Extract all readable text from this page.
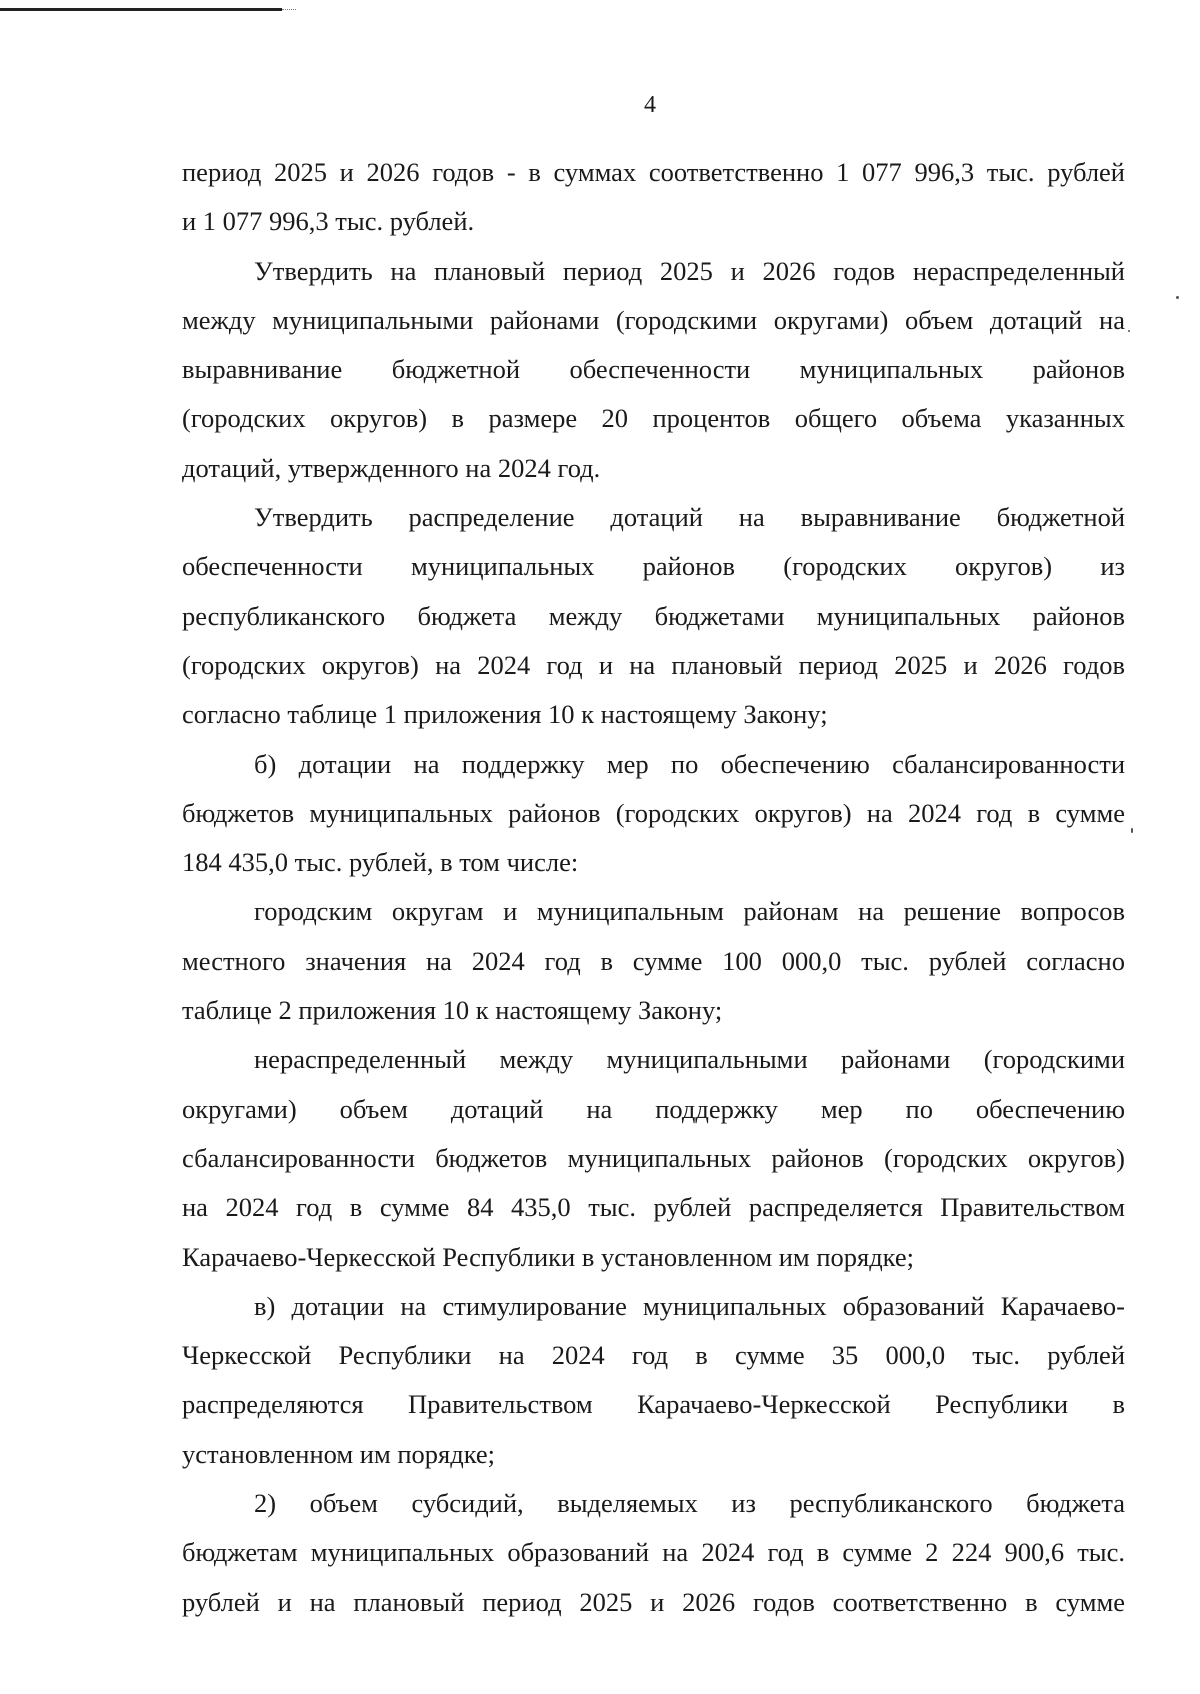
4

период 2025 и 2026 годов - в суммах соответственно 1 077 996,3 тыс. рублей
и 1 077 996,3 тыс. рублей.

Утвердить на плановый период 2025 и 2026 годов нераспределенный
между муниципальными районами (городскими округами) объем дотаций на
выравнивание бюджетной обеспеченности муниципальных районов
(городских округов) в размере 20 процентов общего объема указанных
дотаций, утвержденного на 2024 год.

Утвердить распределение дотаций на выравнивание бюджетной
обеспеченности муниципальных районов (городских округов) из
республиканского бюджета между бюджетами муниципальных районов
(городских округов) на 2024 год и на плановый период 2025 и 2026 годов
согласно таблице 1 приложения 10 к настоящему Закону;

б) дотации на поддержку мер по обеспечению сбалансированности
бюджетов муниципальных районов (городских округов) на 2024 год в сумме
184 435,0 тыс. рублей, в том числе:

городским округам и муниципальным районам на решение вопросов
местного значения на 2024 год в сумме 100 000,0 тыс. рублей согласно
таблице 2 приложения 10 к настоящему Закону;

нераспределенный между муниципальными районами (городскими
округами) объем дотаций на поддержку мер по обеспечению
сбалансированности бюджетов муниципальных районов (городских округов)
на 2024 год в сумме 84 435,0 тыс. рублей распределяется Правительством
Карачаево-Черкесской Республики в установленном им порядке;

в) дотации на стимулирование муниципальных образований Карачаево-
Черкесской Республики на 2024 год в сумме 35 000,0 тыс. рублей
распределяются Правительством Карачаево-Черкесской Республики в
установленном им порядке;

2) объем субсидий, выделяемых из республиканского бюджета
бюджетам муниципальных образований на 2024 год в сумме 2 224 900,6 тыс.
рублей и на плановый период 2025 и 2026 годов соответственно в сумме
